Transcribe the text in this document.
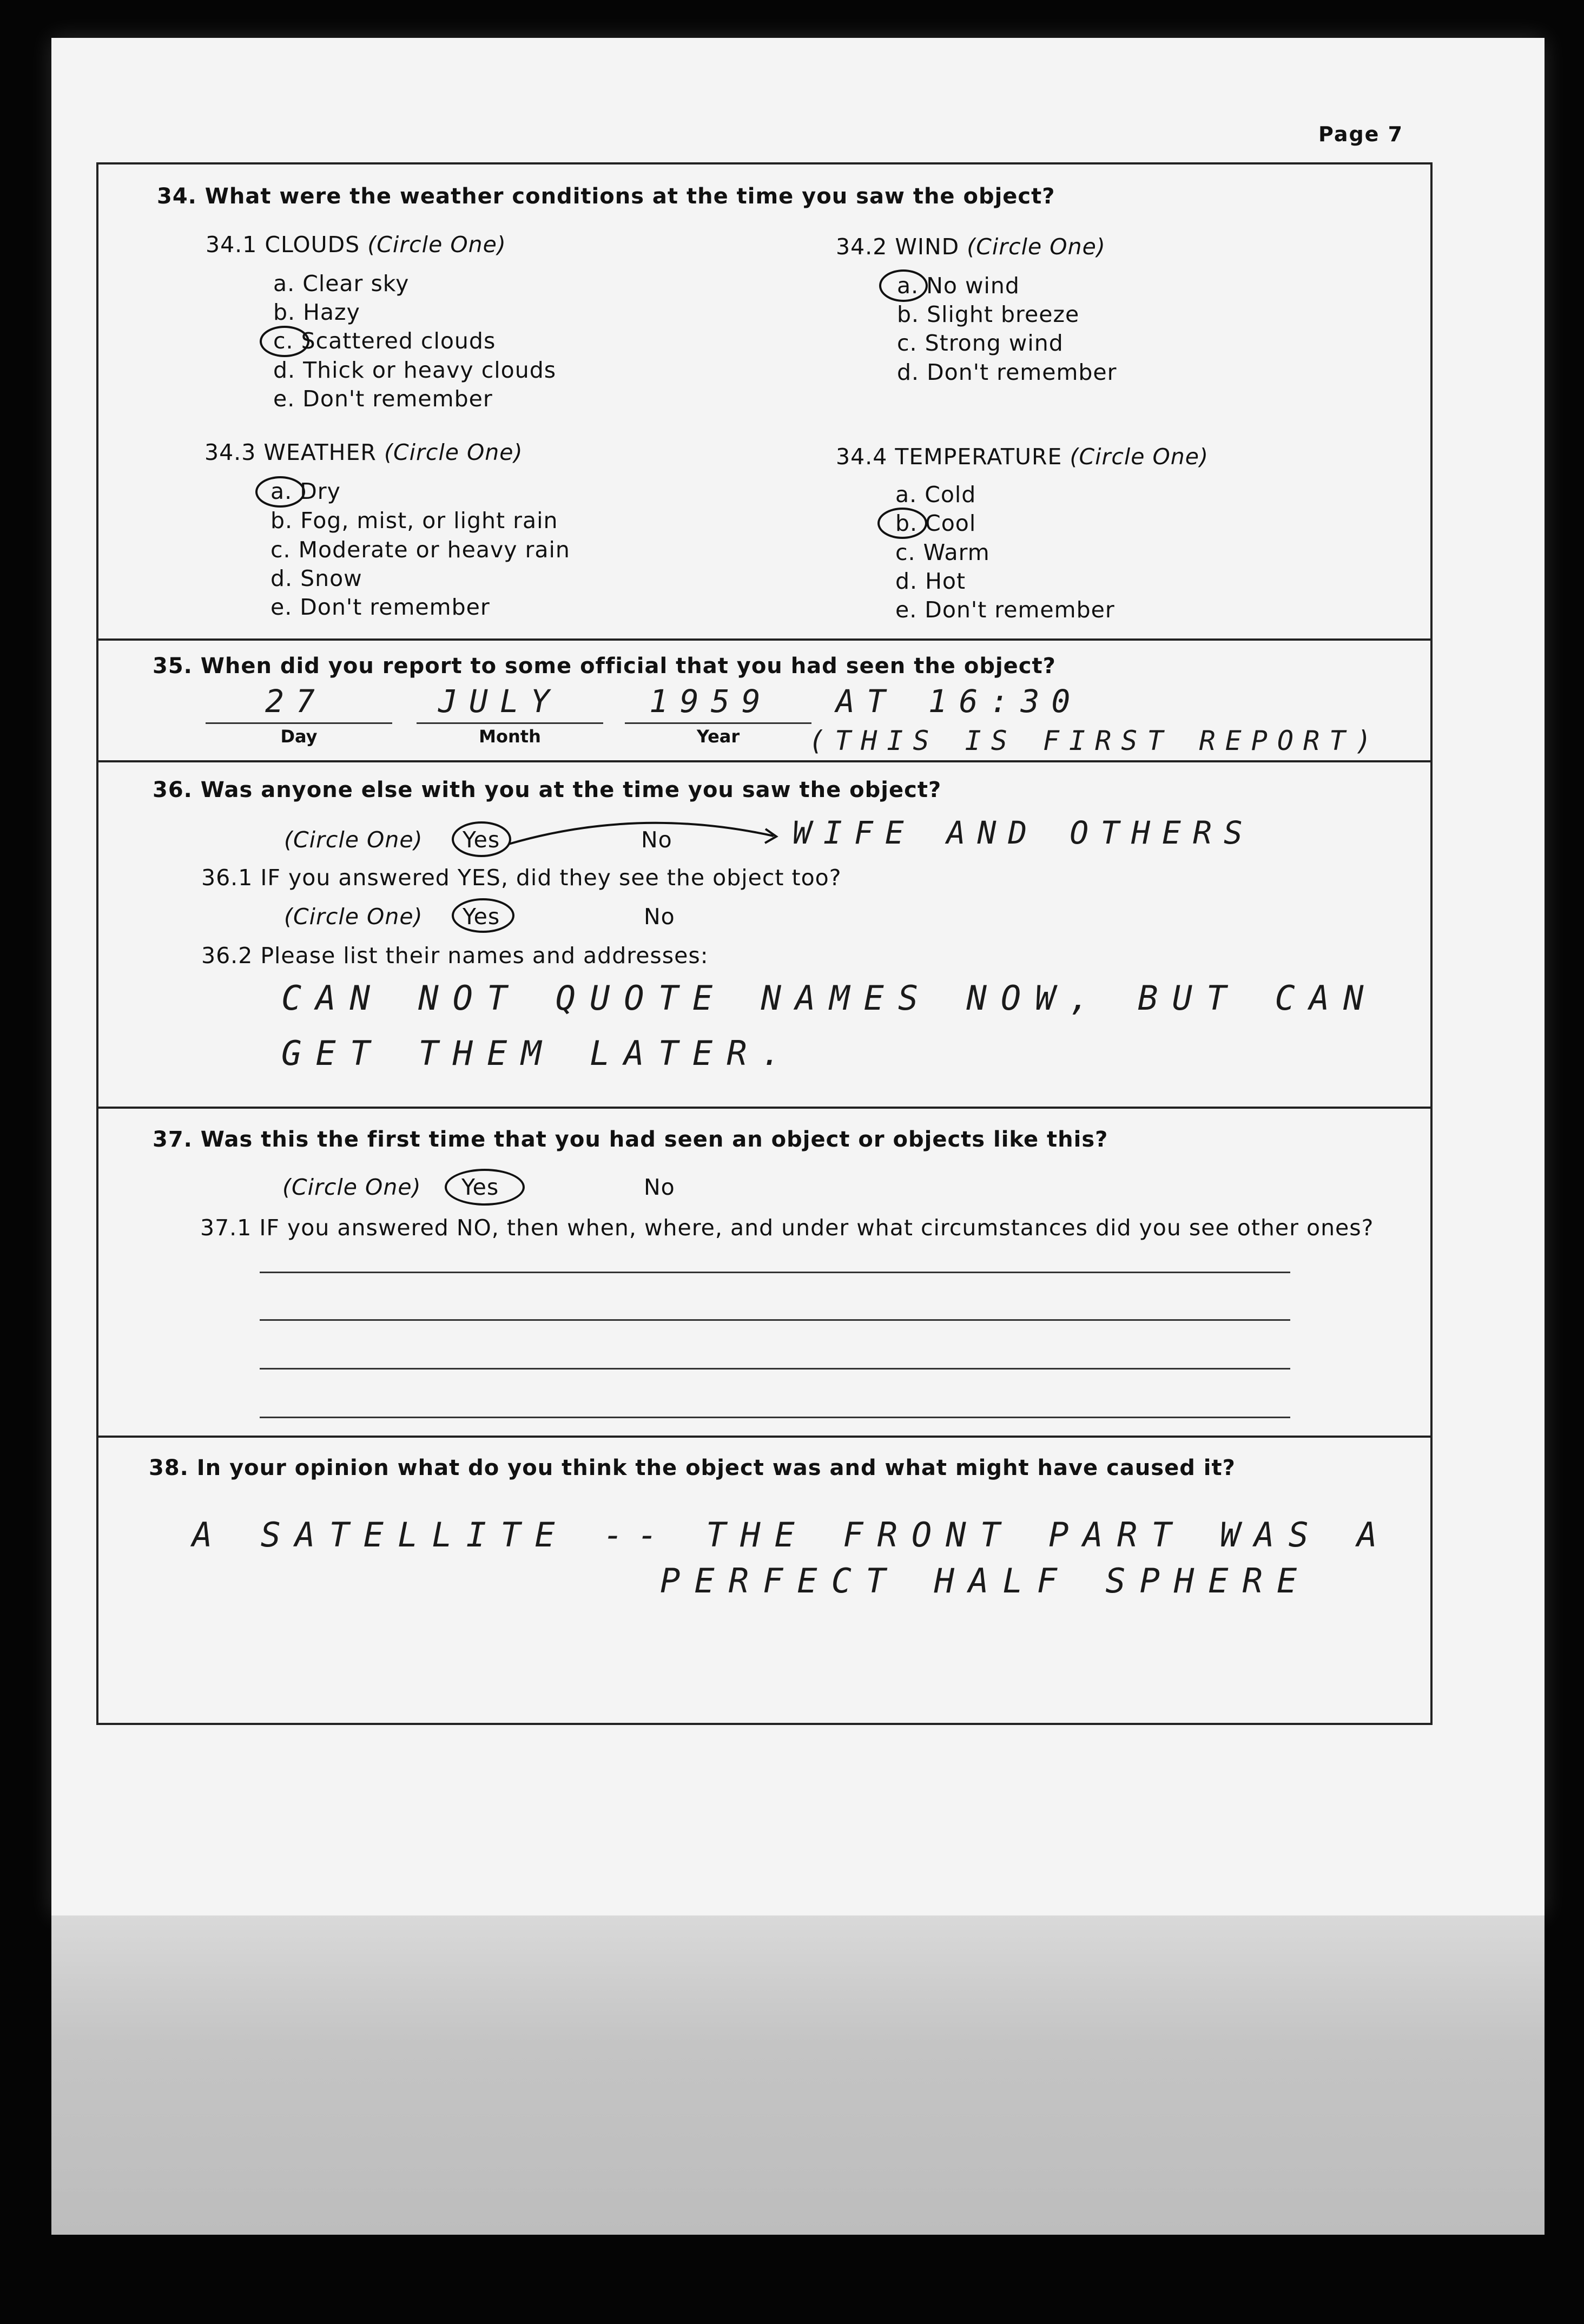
Page 7
34. What were the weather conditions at the time you saw the object?
34.1 CLOUDS (Circle One)
a. Clear sky
b. Hazy
c. Scattered clouds
d. Thick or heavy clouds
e. Don't remember
34.2 WIND (Circle One)
a. No wind
b. Slight breeze
c. Strong wind
d. Don't remember
34.3 WEATHER (Circle One)
a. Dry
b. Fog, mist, or light rain
c. Moderate or heavy rain
d. Snow
e. Don't remember
34.4 TEMPERATURE (Circle One)
a. Cold
b. Cool
c. Warm
d. Hot
e. Don't remember
35. When did you report to some official that you had seen the object?
27	JULY	1959 AT 16:30
Day	Month	Year	(THIS IS FIRST REPORT)
36. Was anyone else with you at the time you saw the object?
(Circle One) Yes	No	WIFE AND OTHERS
36.1 IF you answered YES, did they see the object too?
(Circle One) Yes	No
36.2 Please list their names and addresses:
CAN NOT QUOTE NAMES NOW, BUT CAN
GET THEM LATER.
37. Was this the first time that you had seen an object or objects like this?
(Circle One) Yes	No
37.1 IF you answered NO, then when, where, and under what circumstances did you see other ones?
38. In your opinion what do you think the object was and what might have caused it?
A SATELLITE -- THE FRONT PART WAS A
PERFECT HALF SPHERE
